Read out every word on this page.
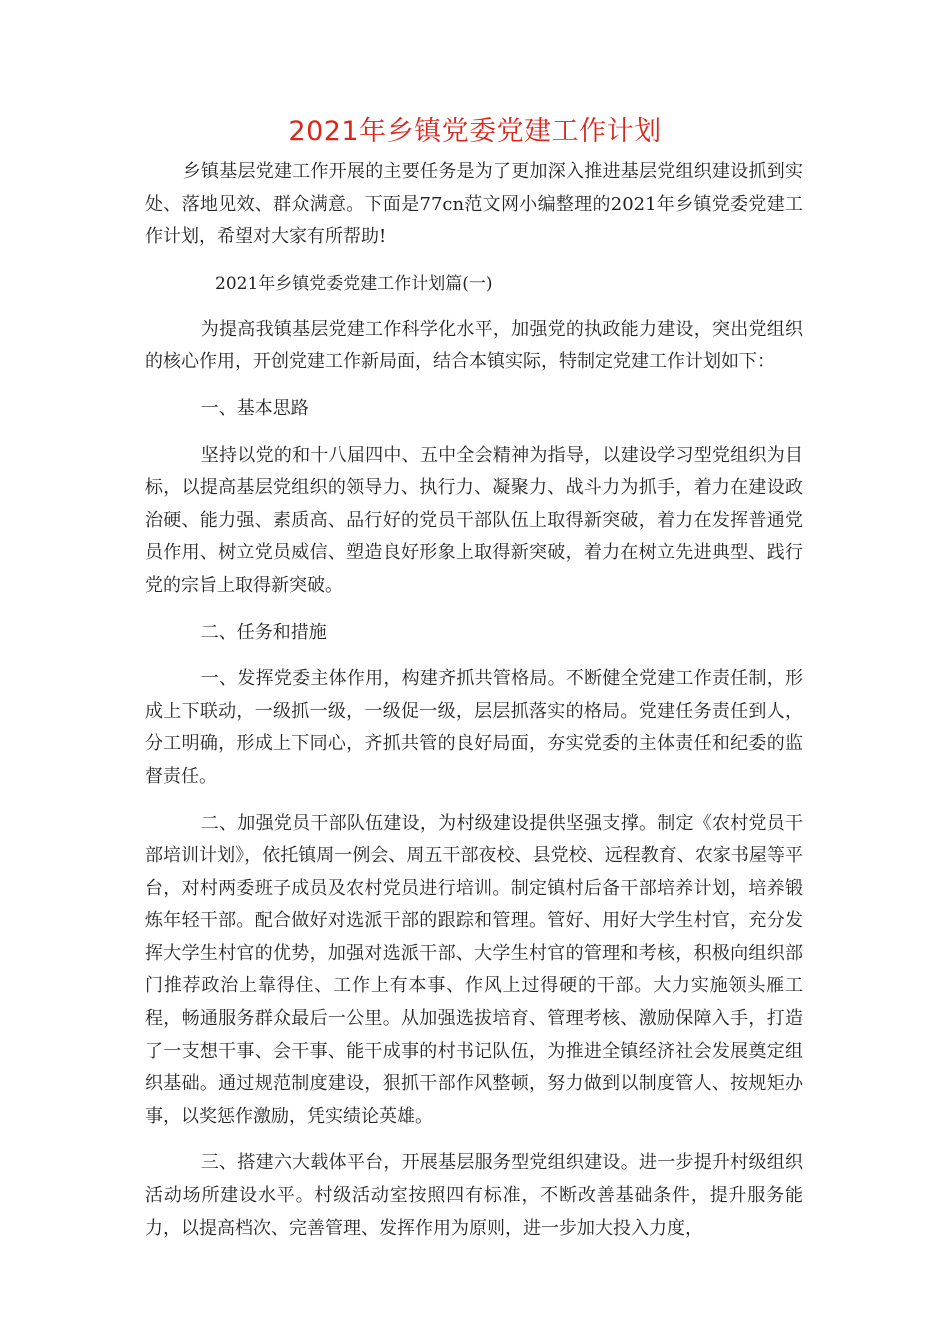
2021年乡镇党委党建工作计划

乡镇基层党建工作开展的主要任务是为了更加深入推进基层党组织建设抓到实处、落地见效、群众满意。下面是77cn范文网小编整理的2021年乡镇党委党建工作计划，希望对大家有所帮助!

2021年乡镇党委党建工作计划篇(一)

为提高我镇基层党建工作科学化水平，加强党的执政能力建设，突出党组织的核心作用，开创党建工作新局面，结合本镇实际，特制定党建工作计划如下：

一、基本思路

坚持以党的和十八届四中、五中全会精神为指导，以建设学习型党组织为目标，以提高基层党组织的领导力、执行力、凝聚力、战斗力为抓手，着力在建设政治硬、能力强、素质高、品行好的党员干部队伍上取得新突破，着力在发挥普通党员作用、树立党员威信、塑造良好形象上取得新突破，着力在树立先进典型、践行党的宗旨上取得新突破。

二、任务和措施

一、发挥党委主体作用，构建齐抓共管格局。不断健全党建工作责任制，形成上下联动，一级抓一级，一级促一级，层层抓落实的格局。党建任务责任到人，分工明确，形成上下同心，齐抓共管的良好局面，夯实党委的主体责任和纪委的监督责任。

二、加强党员干部队伍建设，为村级建设提供坚强支撑。制定《农村党员干部培训计划》，依托镇周一例会、周五干部夜校、县党校、远程教育、农家书屋等平台，对村两委班子成员及农村党员进行培训。制定镇村后备干部培养计划，培养锻炼年轻干部。配合做好对选派干部的跟踪和管理。管好、用好大学生村官，充分发挥大学生村官的优势，加强对选派干部、大学生村官的管理和考核，积极向组织部门推荐政治上靠得住、工作上有本事、作风上过得硬的干部。大力实施领头雁工程，畅通服务群众最后一公里。从加强选拔培育、管理考核、激励保障入手，打造了一支想干事、会干事、能干成事的村书记队伍，为推进全镇经济社会发展奠定组织基础。通过规范制度建设，狠抓干部作风整顿，努力做到以制度管人、按规矩办事，以奖惩作激励，凭实绩论英雄。

三、搭建六大载体平台，开展基层服务型党组织建设。进一步提升村级组织活动场所建设水平。村级活动室按照四有标准，不断改善基础条件，提升服务能力，以提高档次、完善管理、发挥作用为原则，进一步加大投入力度，
